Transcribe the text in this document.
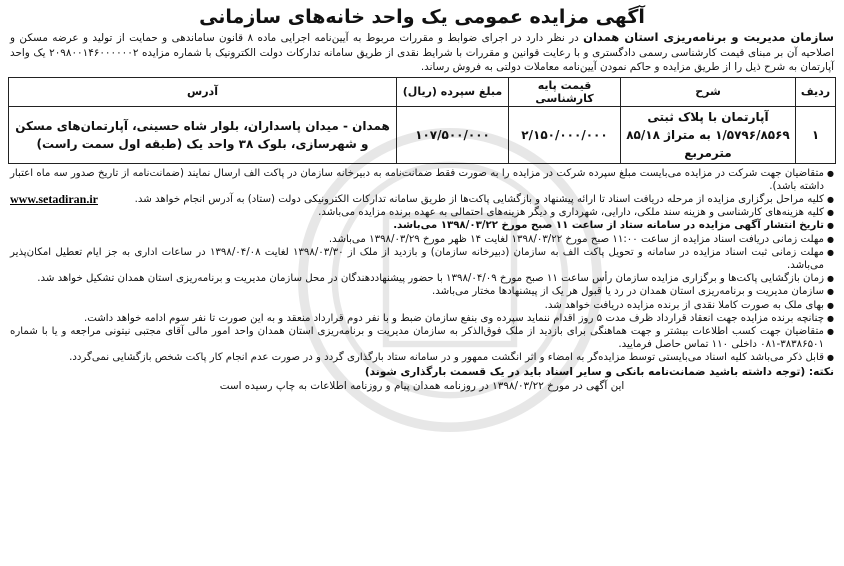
آگهی مزایده عمومی یک واحد خانه‌های سازمانی

سازمان مدیریت و برنامه‌ریزی استان همدان در نظر دارد در اجرای ضوابط و مقررات مربوط به آیین‌نامه اجرایی ماده ۸ قانون ساماندهی و حمایت از تولید و عرضه مسکن و اصلاحیه آن بر مبنای قیمت کارشناسی رسمی دادگستری و با رعایت قوانین و مقررات با شرایط نقدی از طریق سامانه تدارکات دولت الکترونیک با شماره مزایده ۲۰۹۸۰۰۱۴۶۰۰۰۰۰۰۲ یک واحد آپارتمان به شرح ذیل را از طریق مزایده و حاکم نمودن آیین‌نامه معاملات دولتی به فروش رساند.

ردیف	شرح	قیمت پایه کارشناسی	مبلغ سپرده (ریال)	آدرس
۱	آپارتمان با پلاک ثبتی ۱/۵۷۹۶/۸۵۶۹ به متراژ ۸۵/۱۸ مترمربع	۲/۱۵۰/۰۰۰/۰۰۰	۱۰۷/۵۰۰/۰۰۰	همدان - میدان پاسداران، بلوار شاه حسینی، آپارتمان‌های مسکن و شهرسازی، بلوک ۳۸ واحد یک (طبقه اول سمت راست)
● متقاضیان جهت شرکت در مزایده می‌بایست مبلغ سپرده شرکت در مزایده را به صورت فقط ضمانت‌نامه به دبیرخانه سازمان در پاکت الف ارسال نمایند (ضمانت‌نامه از تاریخ صدور سه ماه اعتبار داشته باشد).
● کلیه مراحل برگزاری مزایده از مرحله دریافت اسناد تا ارائه پیشنهاد و بازگشایی پاکت‌ها از طریق سامانه تدارکات الکترونیکی دولت (ستاد) به آدرس
www.setadiran.ir	انجام خواهد شد.
● کلیه هزینه‌های کارشناسی و هزینه سند ملکی، دارایی، شهرداری و دیگر هزینه‌های احتمالی به عهده برنده مزایده می‌باشد.
● تاریخ انتشار آگهی مزایده در سامانه ستاد از ساعت ۱۱ صبح مورخ ۱۳۹۸/۰۳/۲۲ می‌باشد.
● مهلت زمانی دریافت اسناد مزایده از ساعت ۱۱:۰۰ صبح مورخ ۱۳۹۸/۰۳/۲۲ لغایت ۱۴ ظهر مورخ ۱۳۹۸/۰۳/۲۹ می‌باشد.
● مهلت زمانی ثبت اسناد مزایده در سامانه و تحویل پاکت الف به سازمان (دبیرخانه سازمان) و بازدید از ملک از ۱۳۹۸/۰۳/۳۰ لغایت ۱۳۹۸/۰۴/۰۸ در ساعات اداری به جز ایام تعطیل امکان‌پذیر می‌باشد.
● زمان بازگشایی پاکت‌ها و برگزاری مزایده سازمان رأس ساعت ۱۱ صبح مورخ ۱۳۹۸/۰۴/۰۹ با حضور پیشنهاددهندگان در محل سازمان مدیریت و برنامه‌ریزی استان همدان تشکیل خواهد شد.
● سازمان مدیریت و برنامه‌ریزی استان همدان در رد یا قبول هر یک از پیشنهادها مختار می‌باشد.
● بهای ملک به صورت کاملا نقدی از برنده مزایده دریافت خواهد شد.
● چنانچه برنده مزایده جهت انعقاد قرارداد ظرف مدت ۵ روز اقدام ننماید سپرده وی بنفع سازمان ضبط و با نفر دوم قرارداد منعقد و به این صورت تا نفر سوم ادامه خواهد داشت.
● متقاضیان جهت کسب اطلاعات بیشتر و جهت هماهنگی برای بازدید از ملک فوق‌الذکر به سازمان مدیریت و برنامه‌ریزی استان همدان واحد امور مالی آقای مجتبی نیتونی مراجعه و یا با شماره ۳۸۳۸۶۵۰۱-۰۸۱ داخلی ۱۱۰ تماس حاصل فرمایید.
● قابل ذکر می‌باشد کلیه اسناد می‌بایستی توسط مزایده‌گر به امضاء و اثر انگشت ممهور و در سامانه ستاد بارگذاری گردد و در صورت عدم انجام کار پاکت شخص بازگشایی نمی‌گردد.

نکته: (توجه داشته باشید ضمانت‌نامه بانکی و سایر اسناد باید در یک قسمت بارگذاری شوند)

این آگهی در مورخ ۱۳۹۸/۰۳/۲۲ در روزنامه همدان پیام و روزنامه اطلاعات به چاپ رسیده است
